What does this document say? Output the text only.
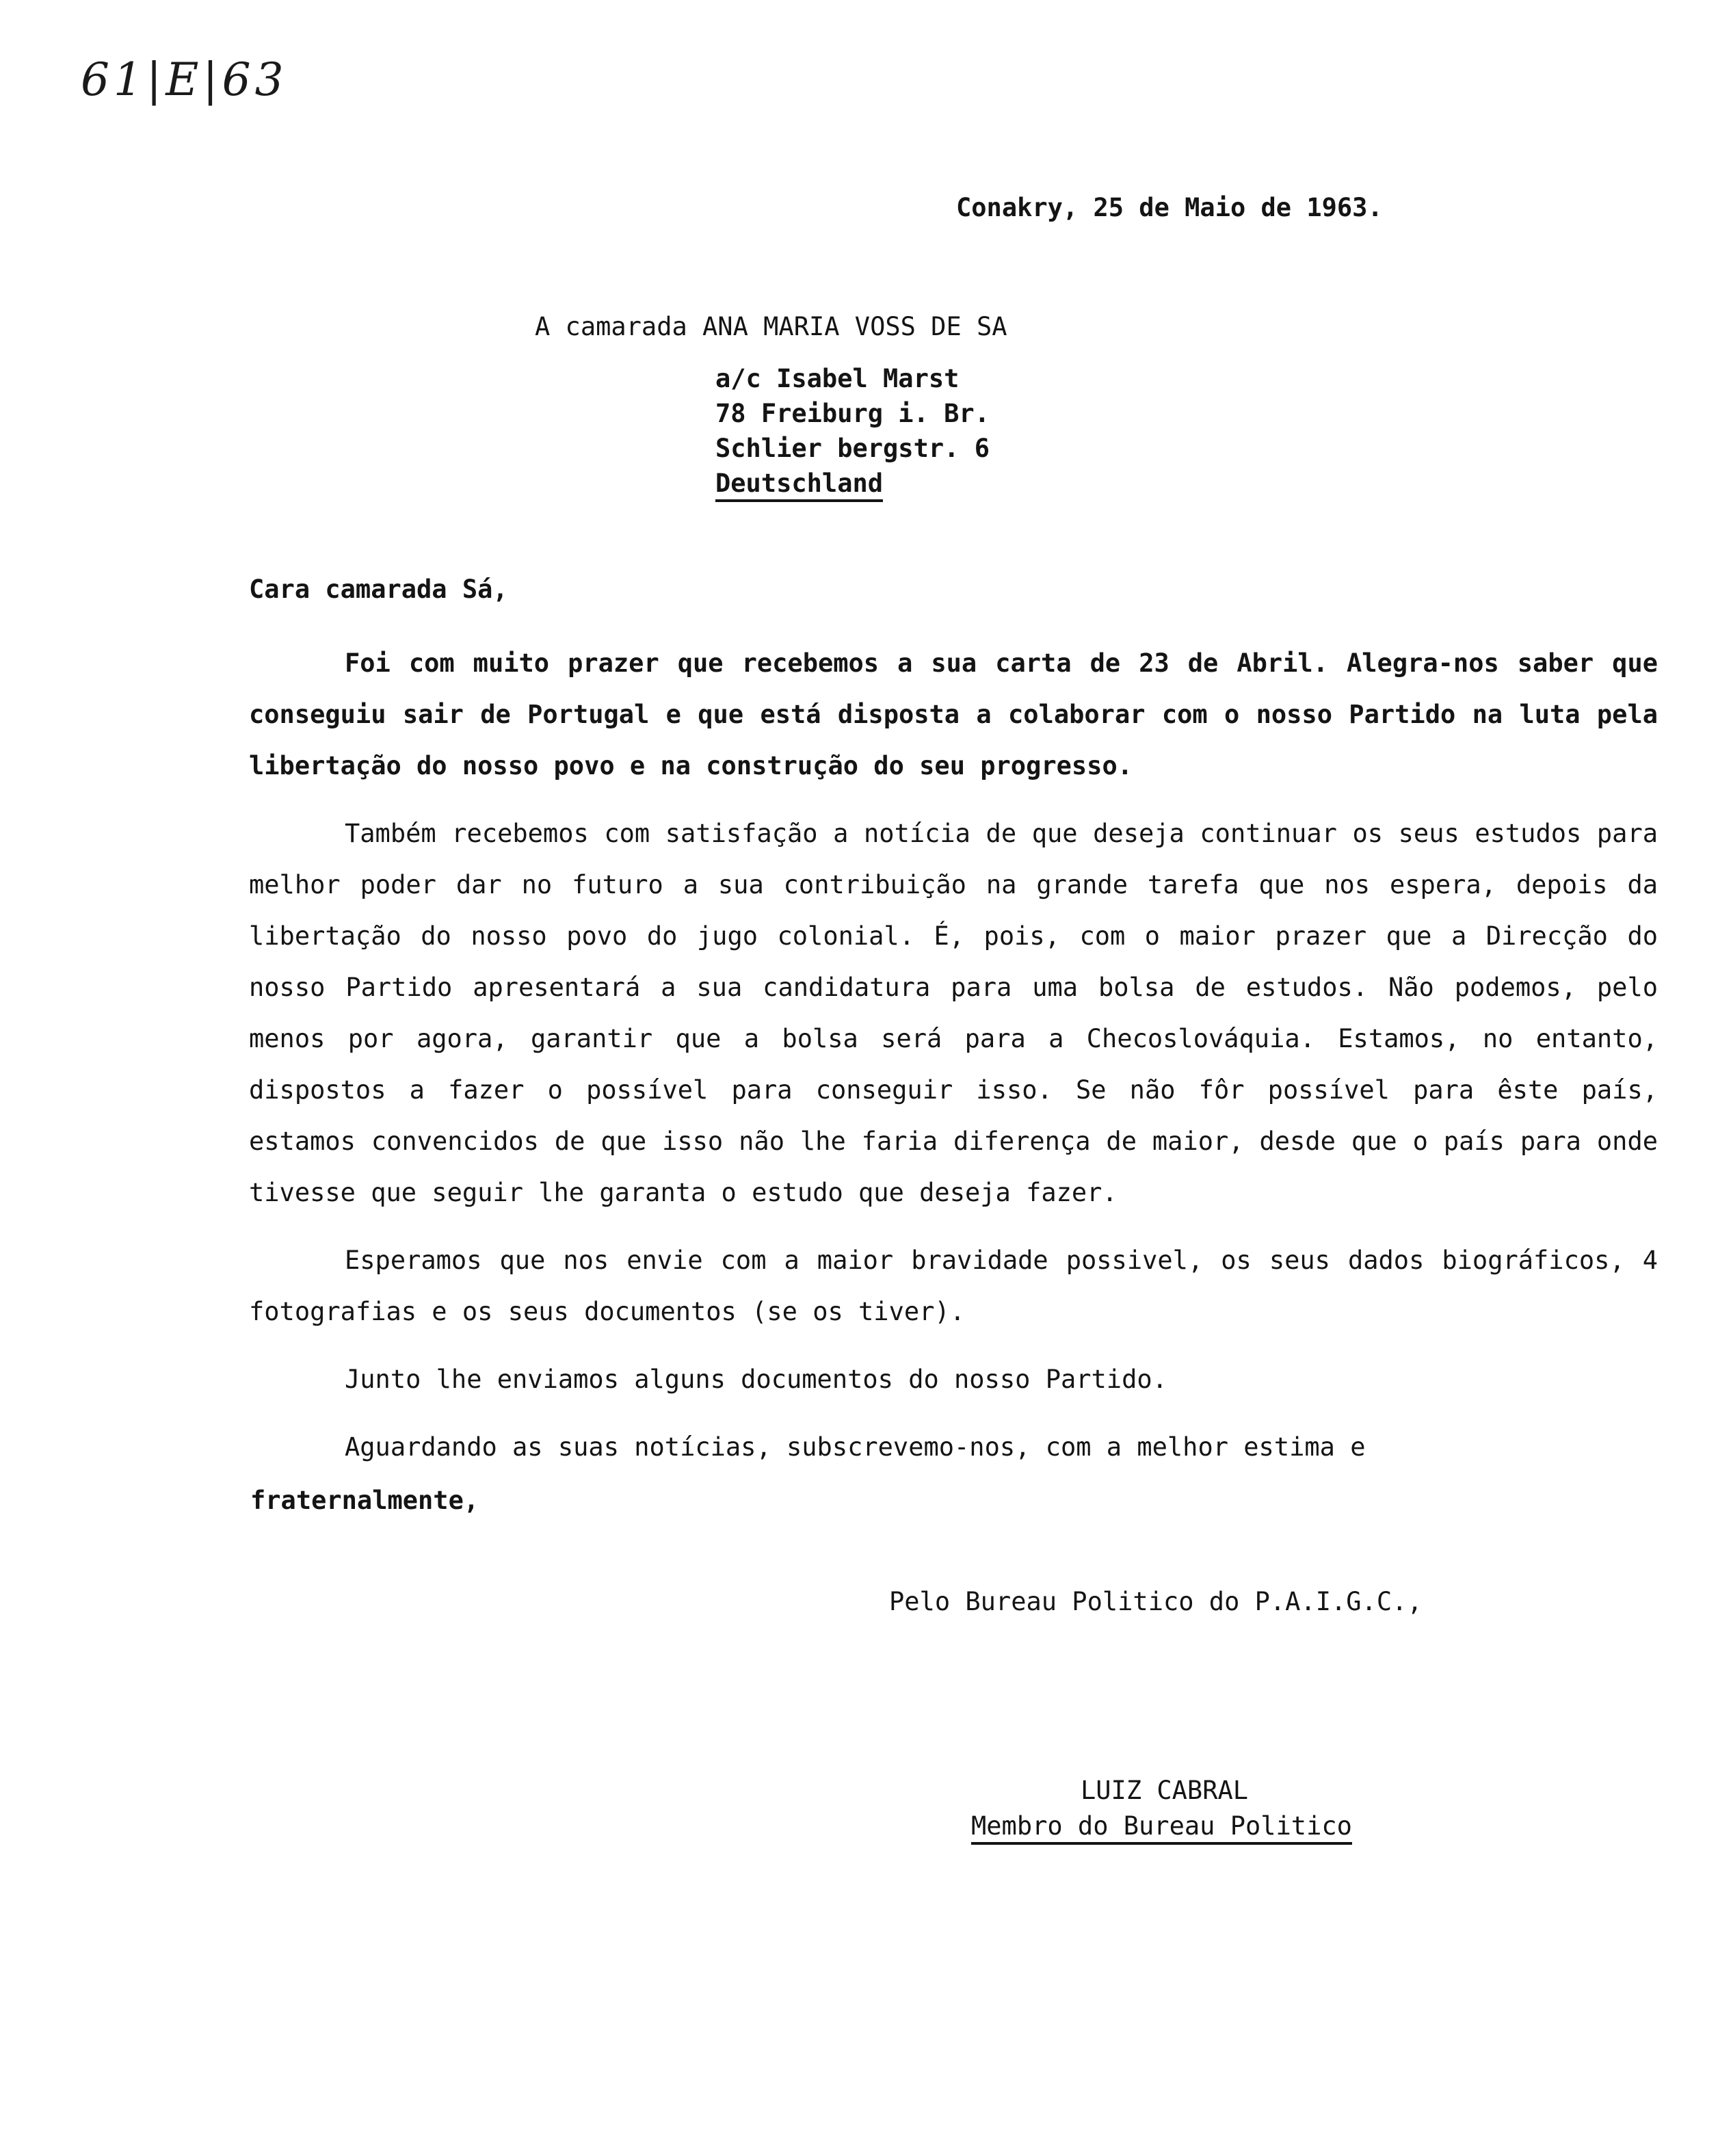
61|E|63
Conakry, 25 de Maio de 1963.
A camarada ANA MARIA VOSS DE SA
a/c Isabel Marst
78 Freiburg i. Br.
Schlier bergstr. 6
Deutschland
Cara camarada Sá,

Foi com muito prazer que recebemos a sua carta de 23 de Abril. Alegra-nos saber que conseguiu sair de Portugal e que está disposta a colaborar com o nosso Partido na luta pela libertação do nosso povo e na construção do seu progresso.

Também recebemos com satisfação a notícia de que deseja continuar os seus estudos para melhor poder dar no futuro a sua contribuição na grande tarefa que nos espera, depois da libertação do nosso povo do jugo colonial. É, pois, com o maior prazer que a Direcção do nosso Partido apresentará a sua candidatura para uma bolsa de estudos. Não podemos, pelo menos por agora, garantir que a bolsa será para a Checoslováquia. Estamos, no entanto, dispostos a fazer o possível para conseguir isso. Se não fôr possível para êste país, estamos convencidos de que isso não lhe faria diferença de maior, desde que o país para onde tivesse que seguir lhe garanta o estudo que deseja fazer.

Esperamos que nos envie com a maior bravidade possivel, os seus dados biográficos, 4 fotografias e os seus documentos (se os tiver).

Junto lhe enviamos alguns documentos do nosso Partido.

Aguardando as suas notícias, subscrevemo-nos, com a melhor estima e

fraternalmente,
Pelo Bureau Politico do P.A.I.G.C.,
LUIZ CABRAL
Membro do Bureau Politico
